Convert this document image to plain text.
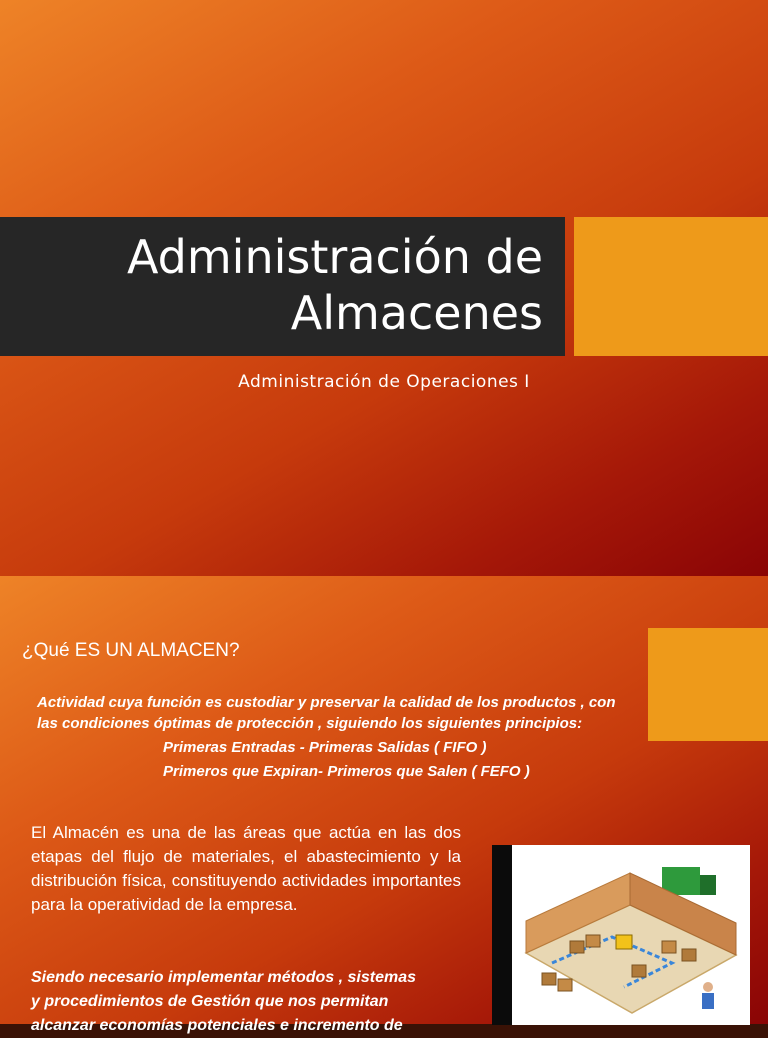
Administración de
Almacenes
Administración de Operaciones I
¿Qué ES UN ALMACEN?
Actividad cuya función es custodiar y preservar la calidad de los productos , con
las condiciones óptimas de protección , siguiendo los siguientes principios:
Primeras Entradas - Primeras Salidas ( FIFO )
Primeros que Expiran- Primeros que Salen ( FEFO )
El Almacén es una de las áreas que actúa en las dos etapas del flujo de materiales, el abastecimiento y la distribución física, constituyendo actividades importantes para la operatividad de la empresa.
Siendo necesario implementar métodos , sistemas
y procedimientos de Gestión que nos permitan
alcanzar economías potenciales e incremento de
